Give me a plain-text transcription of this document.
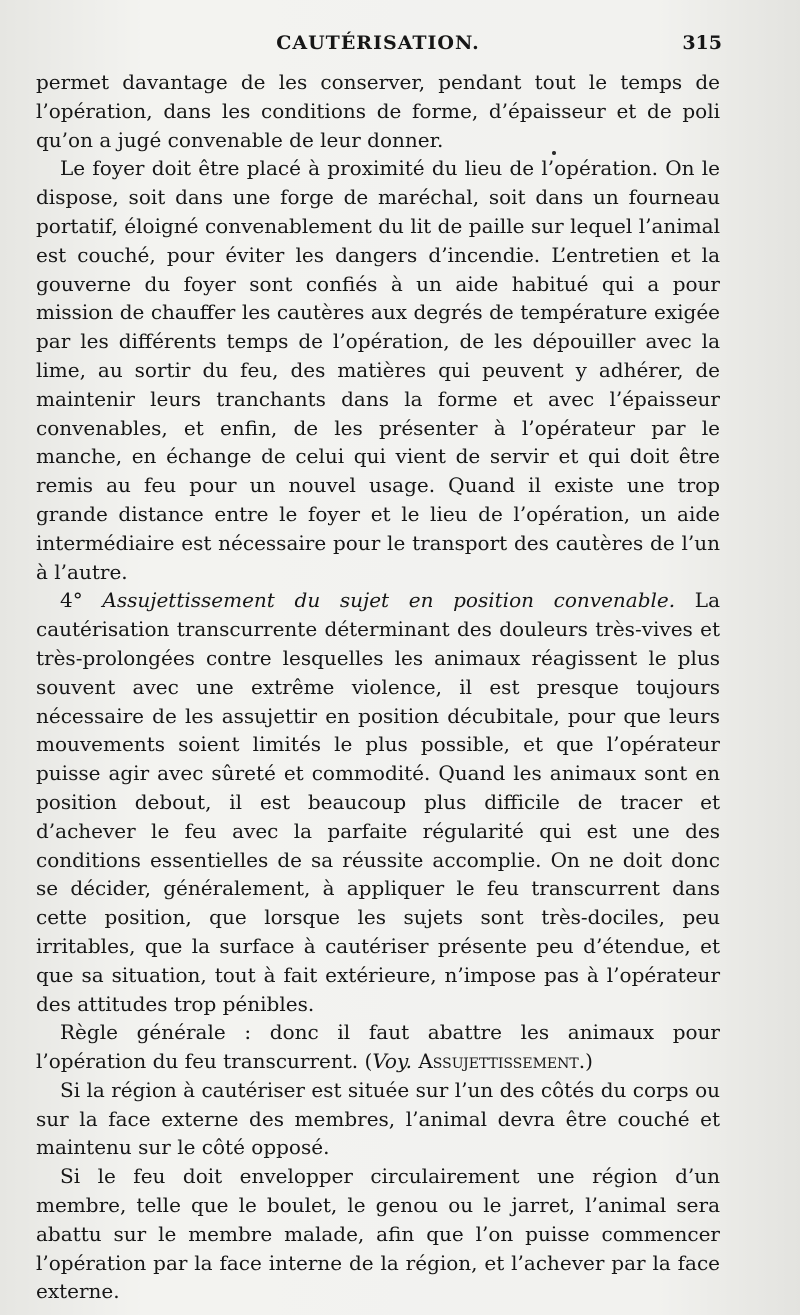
CAUTÉRISATION.	315

permet davantage de les conserver, pendant tout le temps de l’opération, dans les conditions de forme, d’épaisseur et de poli qu’on a jugé convenable de leur donner.

Le foyer doit être placé à proximité du lieu de l’opération. On le dispose, soit dans une forge de maréchal, soit dans un fourneau portatif, éloigné convenablement du lit de paille sur lequel l’animal est couché, pour éviter les dangers d’incendie. L’entretien et la gouverne du foyer sont confiés à un aide habitué qui a pour mission de chauffer les cautères aux degrés de température exigée par les différents temps de l’opération, de les dépouiller avec la lime, au sortir du feu, des matières qui peuvent y adhérer, de maintenir leurs tranchants dans la forme et avec l’épaisseur convenables, et enfin, de les présenter à l’opérateur par le manche, en échange de celui qui vient de servir et qui doit être remis au feu pour un nouvel usage. Quand il existe une trop grande distance entre le foyer et le lieu de l’opération, un aide intermédiaire est nécessaire pour le transport des cautères de l’un à l’autre.

4° Assujettissement du sujet en position convenable. La cautérisation transcurrente déterminant des douleurs très-vives et très-prolongées contre lesquelles les animaux réagissent le plus souvent avec une extrême violence, il est presque toujours nécessaire de les assujettir en position décubitale, pour que leurs mouvements soient limités le plus possible, et que l’opérateur puisse agir avec sûreté et commodité. Quand les animaux sont en position debout, il est beaucoup plus difficile de tracer et d’achever le feu avec la parfaite régularité qui est une des conditions essentielles de sa réussite accomplie. On ne doit donc se décider, généralement, à appliquer le feu transcurrent dans cette position, que lorsque les sujets sont très-dociles, peu irritables, que la surface à cautériser présente peu d’étendue, et que sa situation, tout à fait extérieure, n’impose pas à l’opérateur des attitudes trop pénibles.

Règle générale : donc il faut abattre les animaux pour l’opération du feu transcurrent. (Voy. Assujettissement.)

Si la région à cautériser est située sur l’un des côtés du corps ou sur la face externe des membres, l’animal devra être couché et maintenu sur le côté opposé.

Si le feu doit envelopper circulairement une région d’un membre, telle que le boulet, le genou ou le jarret, l’animal sera abattu sur le membre malade, afin que l’on puisse commencer l’opération par la face interne de la région, et l’achever par la face externe.
